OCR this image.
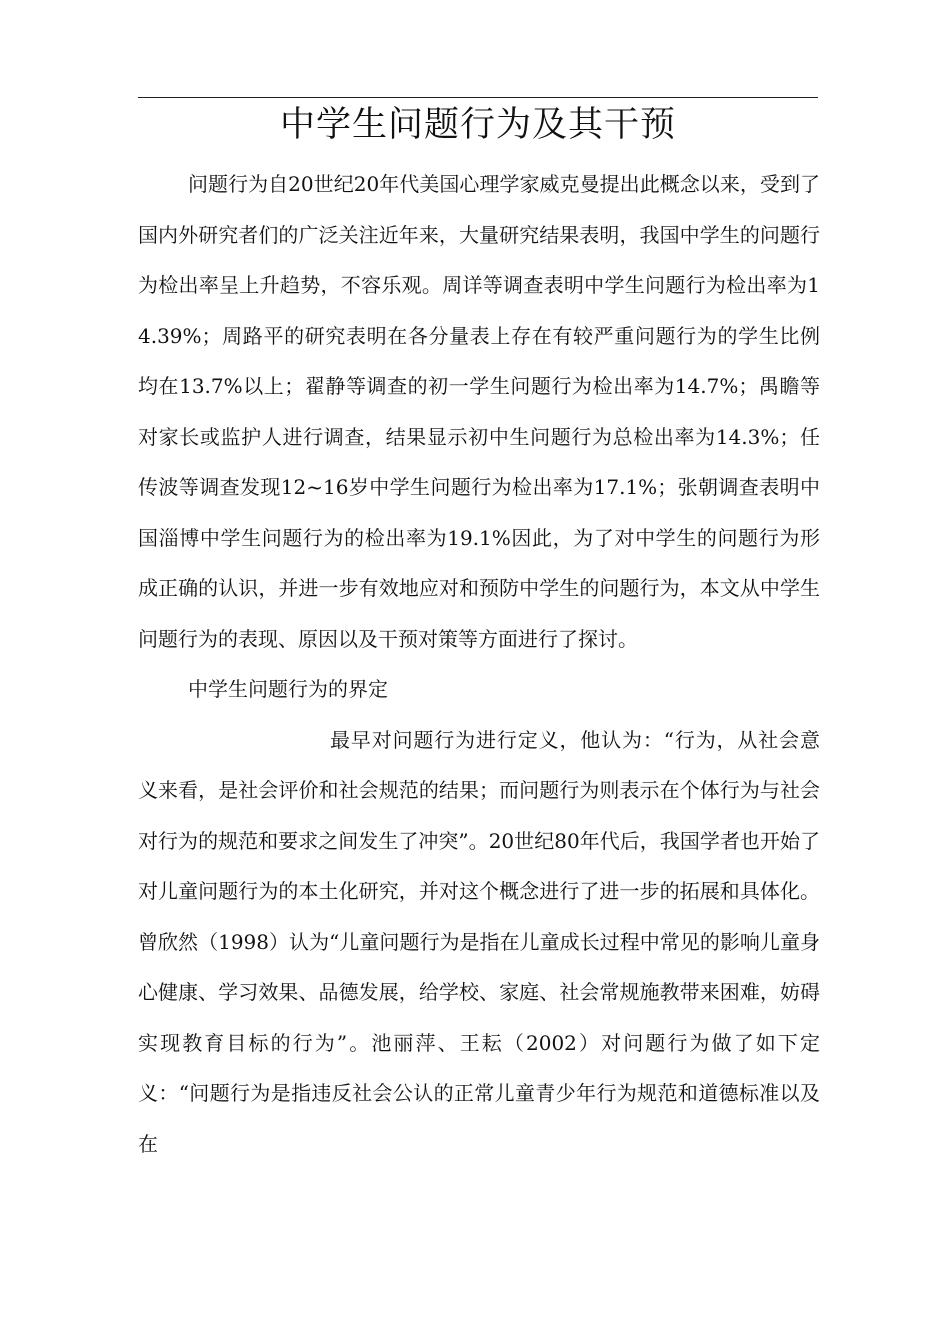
中学生问题行为及其干预

问题行为自20世纪20年代美国心理学家威克曼提出此概念以来，受到了国内外研究者们的广泛关注近年来，大量研究结果表明，我国中学生的问题行为检出率呈上升趋势，不容乐观。周详等调查表明中学生问题行为检出率为14.39%；周路平的研究表明在各分量表上存在有较严重问题行为的学生比例均在13.7%以上；翟静等调查的初一学生问题行为检出率为14.7%；禺瞻等对家长或监护人进行调查，结果显示初中生问题行为总检出率为14.3%；任传波等调查发现12~16岁中学生问题行为检出率为17.1%；张朝调查表明中国淄博中学生问题行为的检出率为19.1%因此，为了对中学生的问题行为形成正确的认识，并进一步有效地应对和预防中学生的问题行为，本文从中学生问题行为的表现、原因以及干预对策等方面进行了探讨。

中学生问题行为的界定

最早对问题行为进行定义，他认为：“行为，从社会意义来看，是社会评价和社会规范的结果；而问题行为则表示在个体行为与社会对行为的规范和要求之间发生了冲突”。20世纪80年代后，我国学者也开始了对儿童问题行为的本土化研究，并对这个概念进行了进一步的拓展和具体化。曾欣然（1998）认为“儿童问题行为是指在儿童成长过程中常见的影响儿童身心健康、学习效果、品德发展，给学校、家庭、社会常规施教带来困难，妨碍实现教育目标的行为”。池丽萍、王耘（2002）对问题行为做了如下定义：“问题行为是指违反社会公认的正常儿童青少年行为规范和道德标准以及在
